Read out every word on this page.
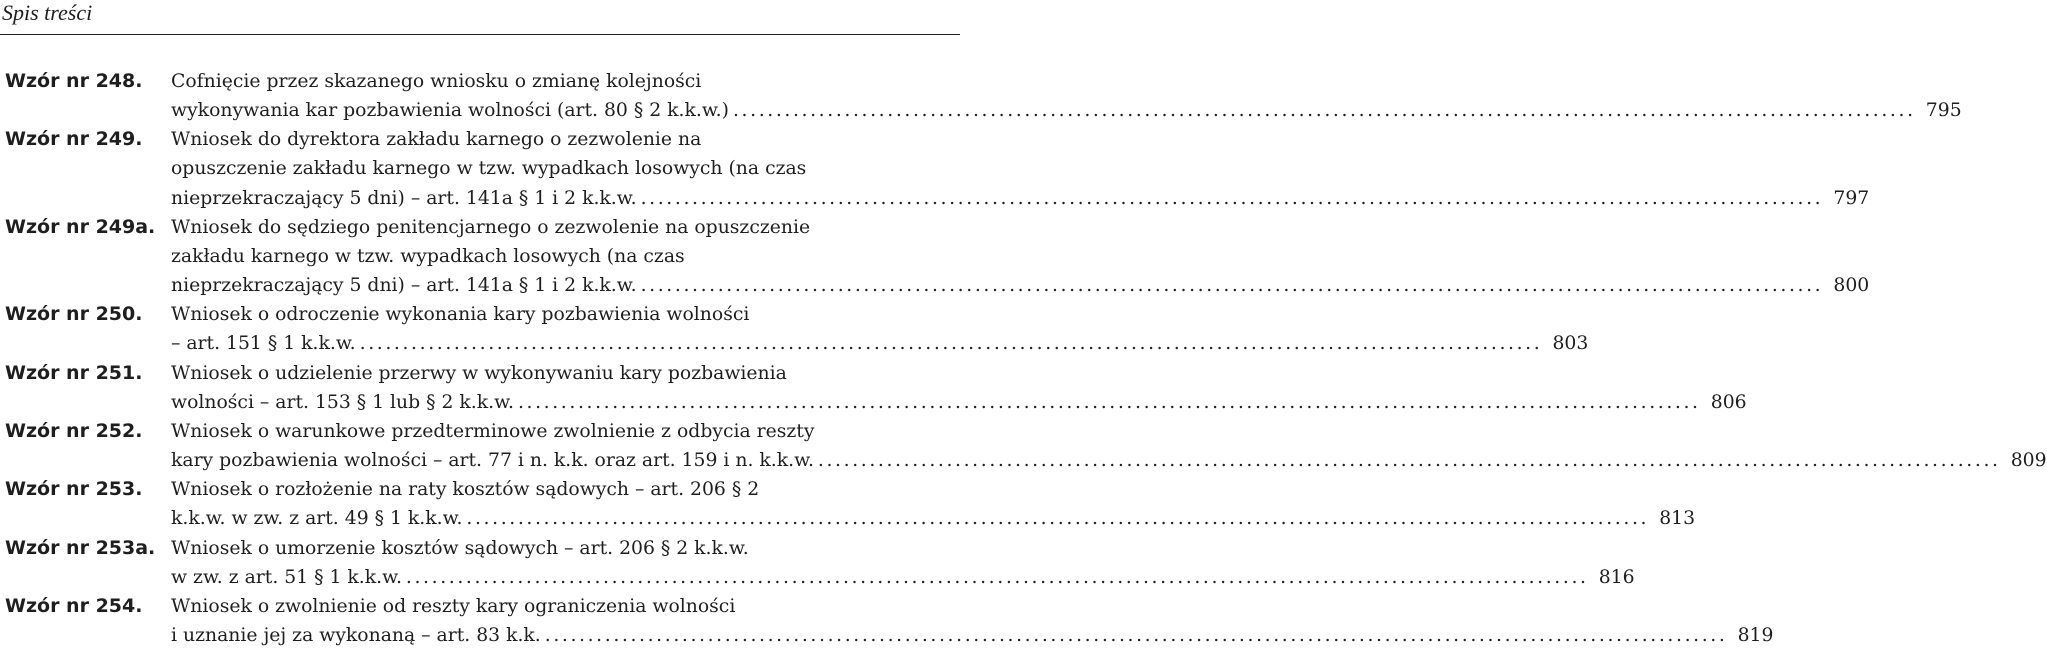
Spis treści
Wzór nr 248.	Cofnięcie przez skazanego wniosku o zmianę kolejności
wykonywania kar pozbawienia wolności (art. 80 § 2 k.k.w.) .......................................................................................................................................... 795
Wzór nr 249.	Wniosek do dyrektora zakładu karnego o zezwolenie na
opuszczenie zakładu karnego w tzw. wypadkach losowych (na czas
nieprzekraczający 5 dni) – art. 141a § 1 i 2 k.k.w. .......................................................................................................................................... 797
Wzór nr 249a. Wniosek do sędziego penitencjarnego o zezwolenie na opuszczenie
zakładu karnego w tzw. wypadkach losowych (na czas
nieprzekraczający 5 dni) – art. 141a § 1 i 2 k.k.w. .......................................................................................................................................... 800
Wzór nr 250.	Wniosek o odroczenie wykonania kary pozbawienia wolności
– art. 151 § 1 k.k.w. .......................................................................................................................................... 803
Wzór nr 251.	Wniosek o udzielenie przerwy w wykonywaniu kary pozbawienia
wolności – art. 153 § 1 lub § 2 k.k.w. .......................................................................................................................................... 806
Wzór nr 252.	Wniosek o warunkowe przedterminowe zwolnienie z odbycia reszty
kary pozbawienia wolności – art. 77 i n. k.k. oraz art. 159 i n. k.k.w. .......................................................................................................................................... 809
Wzór nr 253.	Wniosek o rozłożenie na raty kosztów sądowych – art. 206 § 2
k.k.w. w zw. z art. 49 § 1 k.k.w. .......................................................................................................................................... 813
Wzór nr 253a. Wniosek o umorzenie kosztów sądowych – art. 206 § 2 k.k.w.
w zw. z art. 51 § 1 k.k.w. .......................................................................................................................................... 816
Wzór nr 254.	Wniosek o zwolnienie od reszty kary ograniczenia wolności
i uznanie jej za wykonaną – art. 83 k.k. .......................................................................................................................................... 819
